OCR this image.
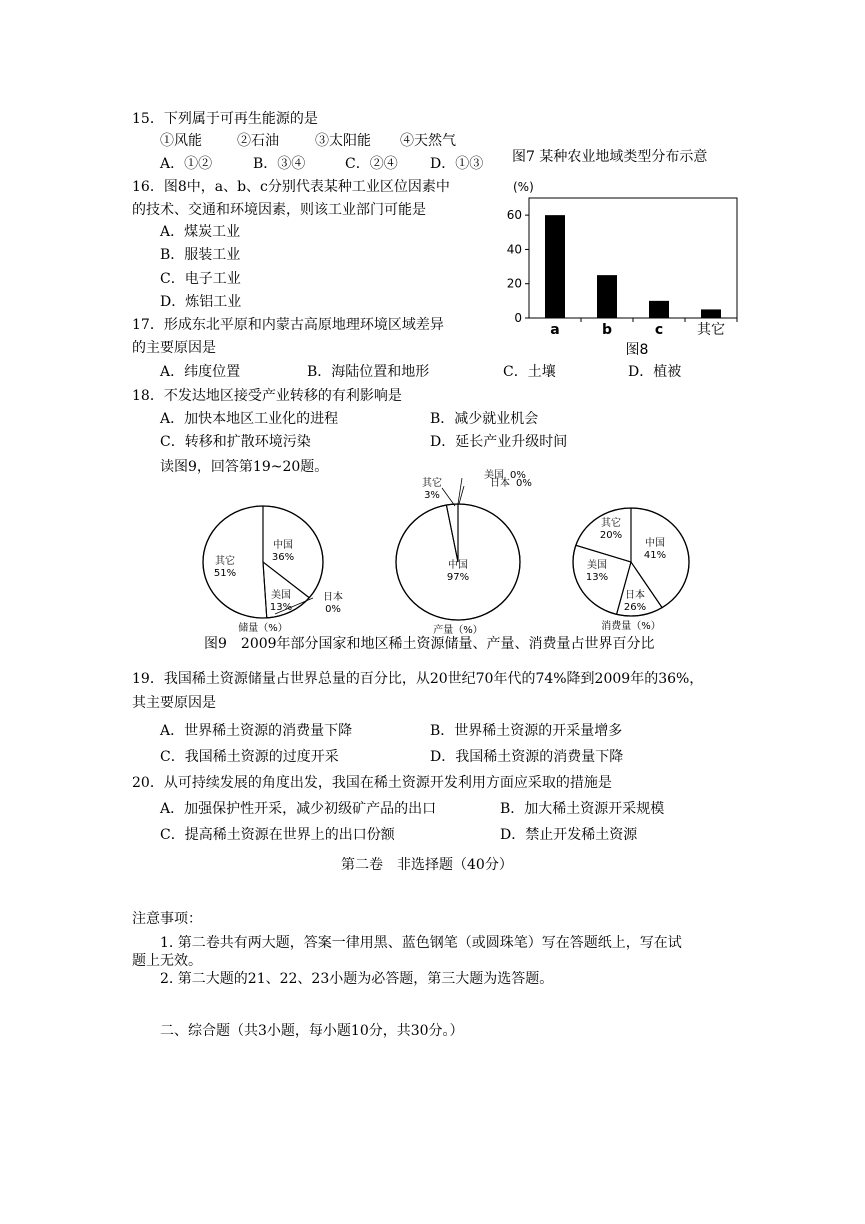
15．下列属于可再生能源的是
①风能	②石油	③太阳能 ④天然气
A．①②	B．③④	C．②④ D．①③ 图7 某种农业地域类型分布示意
16．图8中，a、b、c分别代表某种工业区位因素中
的技术、交通和环境因素，则该工业部门可能是
A．煤炭工业
B．服装工业
C．电子工业
D．炼铝工业
(%)
0
20
40
60
a	b	c 其它
图8
17．形成东北平原和内蒙古高原地理环境区域差异
的主要原因是
A．纬度位置	B．海陆位置和地形	C．土壤	D．植被
18．不发达地区接受产业转移的有利影响是
A．加快本地区工业化的进程	B．减少就业机会
C．转移和扩散环境污染	D．延长产业升级时间
读图9，回答第19~20题。
中国
36%
日本
0%
美国
13%
其它
51%
储量（%）
中国
97%
其它
3%
美国 0%
日本 0%
产量（%）
中国
41%
美国
13%
日本
26%
其它
20%
消费量（%）
图9　2009年部分国家和地区稀土资源储量、产量、消费量占世界百分比
19．我国稀土资源储量占世界总量的百分比，从20世纪70年代的74%降到2009年的36%，
其主要原因是
A．世界稀土资源的消费量下降	B．世界稀土资源的开采量增多
C．我国稀土资源的过度开采	D．我国稀土资源的消费量下降
20．从可持续发展的角度出发，我国在稀土资源开发利用方面应采取的措施是
A．加强保护性开采，减少初级矿产品的出口	B．加大稀土资源开采规模
C．提高稀土资源在世界上的出口份额	D．禁止开发稀土资源
第二卷　非选择题（40分）
注意事项：
1. 第二卷共有两大题，答案一律用黑、蓝色钢笔（或圆珠笔）写在答题纸上，写在试
题上无效。
2. 第二大题的21、22、23小题为必答题，第三大题为选答题。
二、综合题（共3小题，每小题10分，共30分。）
